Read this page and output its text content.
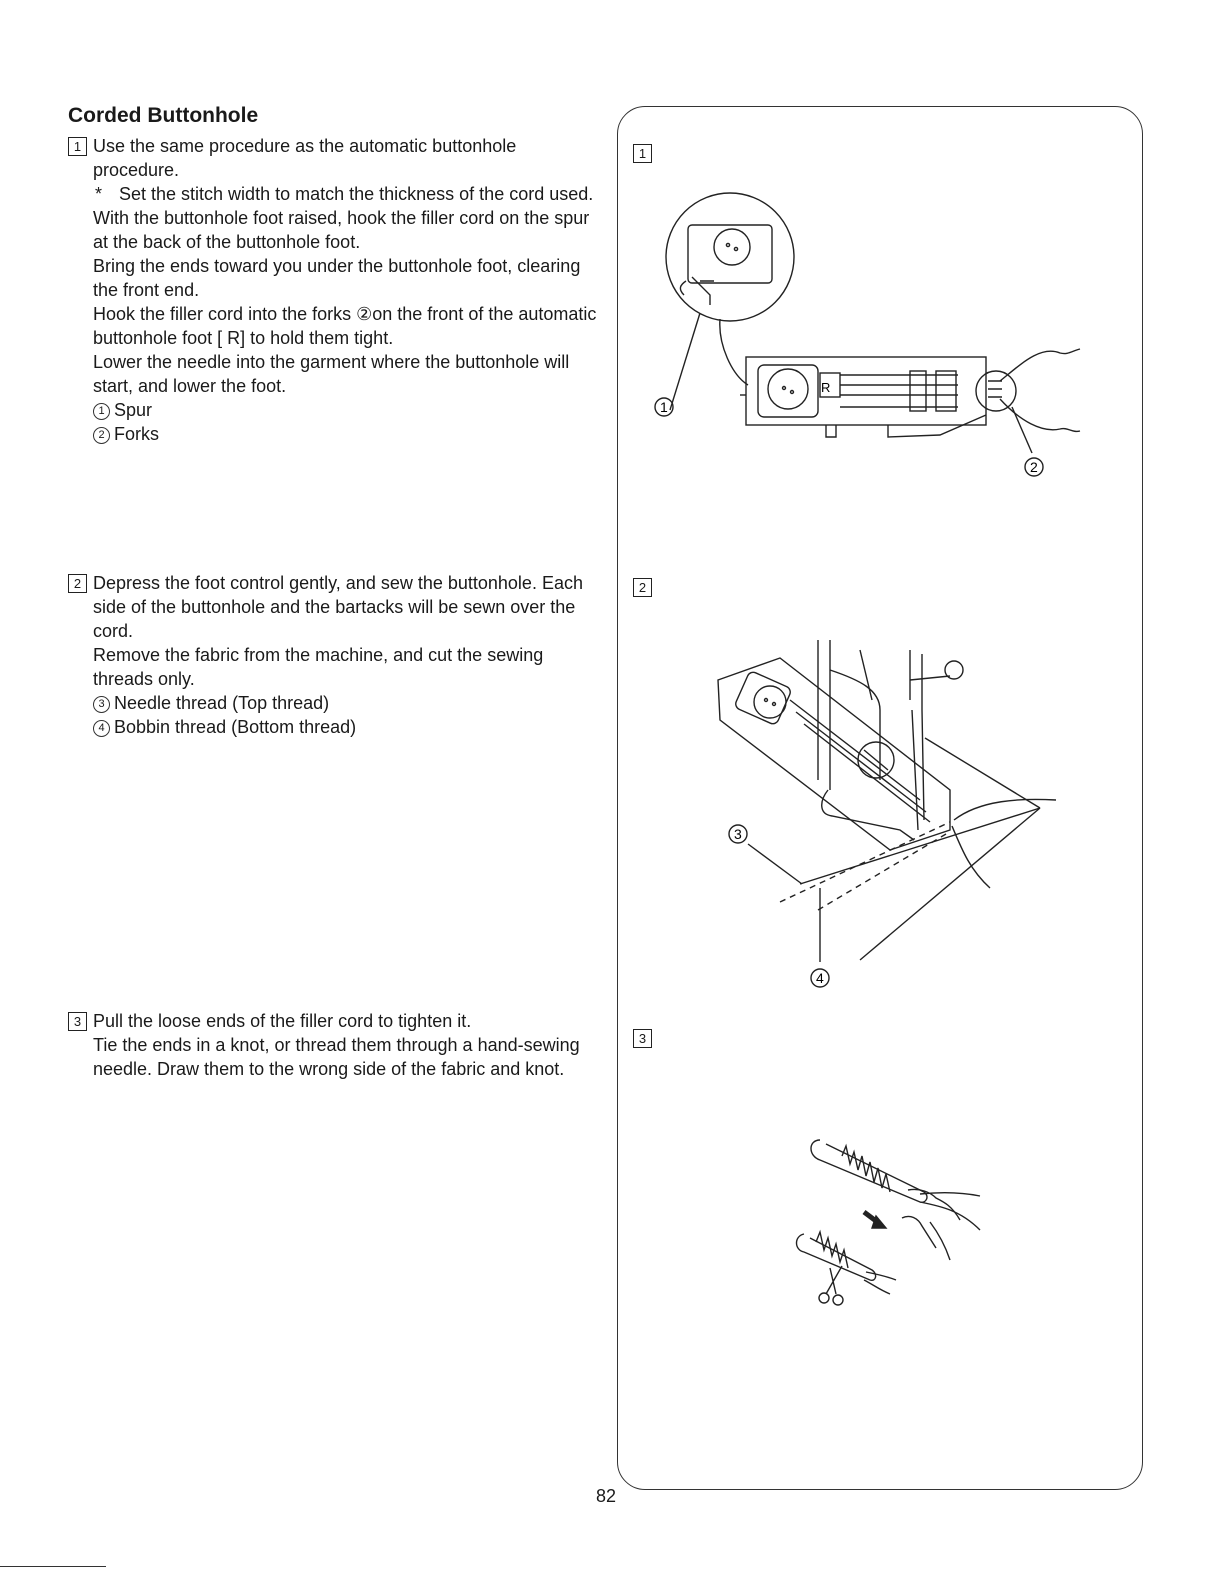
Corded Buttonhole
1 Use the same procedure as the automatic buttonhole procedure.

* Set the stitch width to match the thickness of the cord used.

With the buttonhole foot raised, hook the filler cord on the spur at the back of the buttonhole foot.

Bring the ends toward you under the buttonhole foot, clearing the front end.

Hook the filler cord into the forks ②on the front of the automatic buttonhole foot [ R] to hold them tight.

Lower the needle into the garment where the buttonhole will start, and lower the foot.

1 Spur

2 Forks

2 Depress the foot control gently, and sew the buttonhole. Each side of the buttonhole and the bartacks will be sewn over the cord.

Remove the fabric from the machine, and cut the sewing threads only.

3 Needle thread (Top thread)

4 Bobbin thread (Bottom thread)

3 Pull the loose ends of the filler cord to tighten it.

Tie the ends in a knot, or thread them through a hand-sewing needle. Draw them to the wrong side of the fabric and knot.

1
2
3
1
2
R
3
4
82
